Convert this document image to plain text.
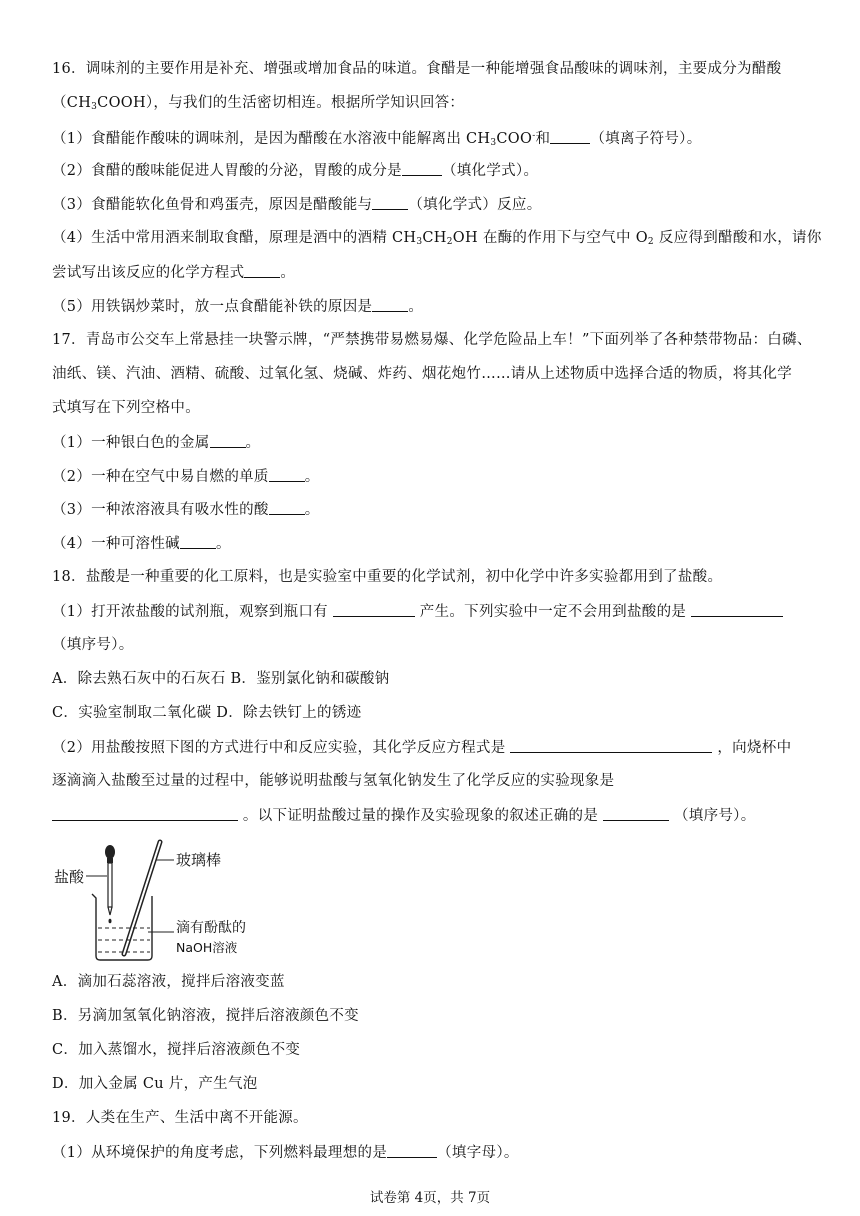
16．调味剂的主要作用是补充、增强或增加食品的味道。食醋是一种能增强食品酸味的调味剂，主要成分为醋酸
$(CH_3COOH)$，与我们的生活密切相连。根据所学知识回答：
（1）食醋能作酸味的调味剂，是因为醋酸在水溶液中能解离出 $CH_3COO^-$和	（填离子符号）。
（2）食醋的酸味能促进人胃酸的分泌，胃酸的成分是	（填化学式）。
（3）食醋能软化鱼骨和鸡蛋壳，原因是醋酸能与 （填化学式）反应。
（4）生活中常用酒来制取食醋，原理是酒中的酒精 $CH_3CH_2OH$ 在酶的作用下与空气中 $O_2$ 反应得到醋酸和水，请你
尝试写出该反应的化学方程式 。
（5）用铁锅炒菜时，放一点食醋能补铁的原因是 。
17．青岛市公交车上常悬挂一块警示牌，“严禁携带易燃易爆、化学危险品上车！”下面列举了各种禁带物品：白磷、
油纸、镁、汽油、酒精、硫酸、过氧化氢、烧碱、炸药、烟花炮竹……请从上述物质中选择合适的物质，将其化学
式填写在下列空格中。
（1）一种银白色的金属 。
（2）一种在空气中易自燃的单质 。
（3）一种浓溶液具有吸水性的酸 。
（4）一种可溶性碱 。
18．盐酸是一种重要的化工原料，也是实验室中重要的化学试剂，初中化学中许多实验都用到了盐酸。
（1）打开浓盐酸的试剂瓶，观察到瓶口有	产生。下列实验中一定不会用到盐酸的是
（填序号）。
A．除去熟石灰中的石灰石 B．鉴别氯化钠和碳酸钠
C．实验室制取二氧化碳 D．除去铁钉上的锈迹
（2）用盐酸按照下图的方式进行中和反应实验，其化学反应方程式是	，向烧杯中
逐滴滴入盐酸至过量的过程中，能够说明盐酸与氢氧化钠发生了化学反应的实验现象是
。以下证明盐酸过量的操作及实验现象的叙述正确的是	（填序号）。
盐酸
玻璃棒
滴有酚酞的
NaOH溶液
A．滴加石蕊溶液，搅拌后溶液变蓝
B．另滴加氢氧化钠溶液，搅拌后溶液颜色不变
C．加入蒸馏水，搅拌后溶液颜色不变
D．加入金属 Cu 片，产生气泡
19．人类在生产、生活中离不开能源。
（1）从环境保护的角度考虑，下列燃料最理想的是	（填字母）。
试卷第 4页，共 7页
